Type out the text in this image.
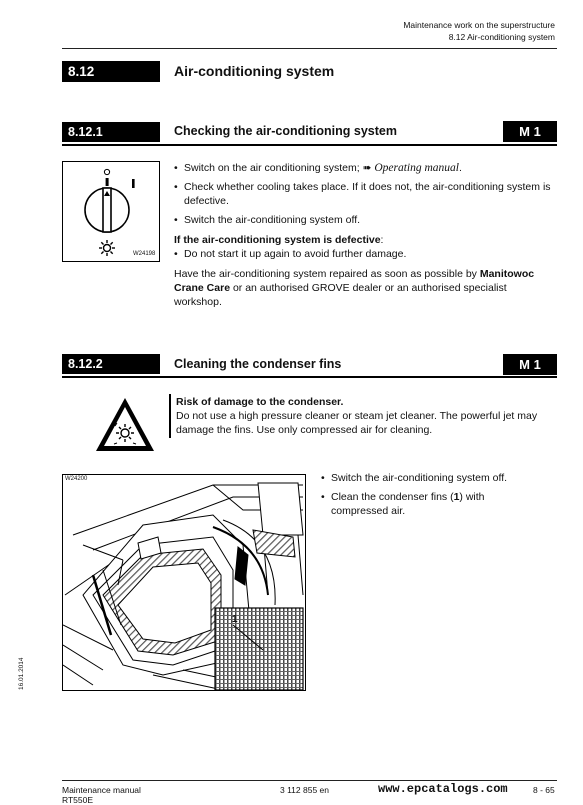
Maintenance work on the superstructure
8.12 Air-conditioning system
8.12	Air-conditioning system
8.12.1	Checking the air-conditioning system	M 1
W24198
• Switch on the air conditioning system; ➠ Operating manual.
• Check whether cooling takes place. If it does not, the air-conditioning system is defective.
• Switch the air-conditioning system off.
If the air-conditioning system is defective:
• Do not start it up again to avoid further damage.
Have the air-conditioning system repaired as soon as possible by Manitowoc Crane Care or an authorised GROVE dealer or an authorised specialist workshop.
8.12.2	Cleaning the condenser fins	M 1
Risk of damage to the condenser.
Do not use a high pressure cleaner or steam jet cleaner. The powerful jet may damage the fins. Use only compressed air for cleaning.
W24200
1
• Switch the air-conditioning system off.
• Clean the condenser fins (1) with compressed air.
16.01.2014
Maintenance manual
RT550E
3 112 855 en	www.epcatalogs.com	8 - 65
